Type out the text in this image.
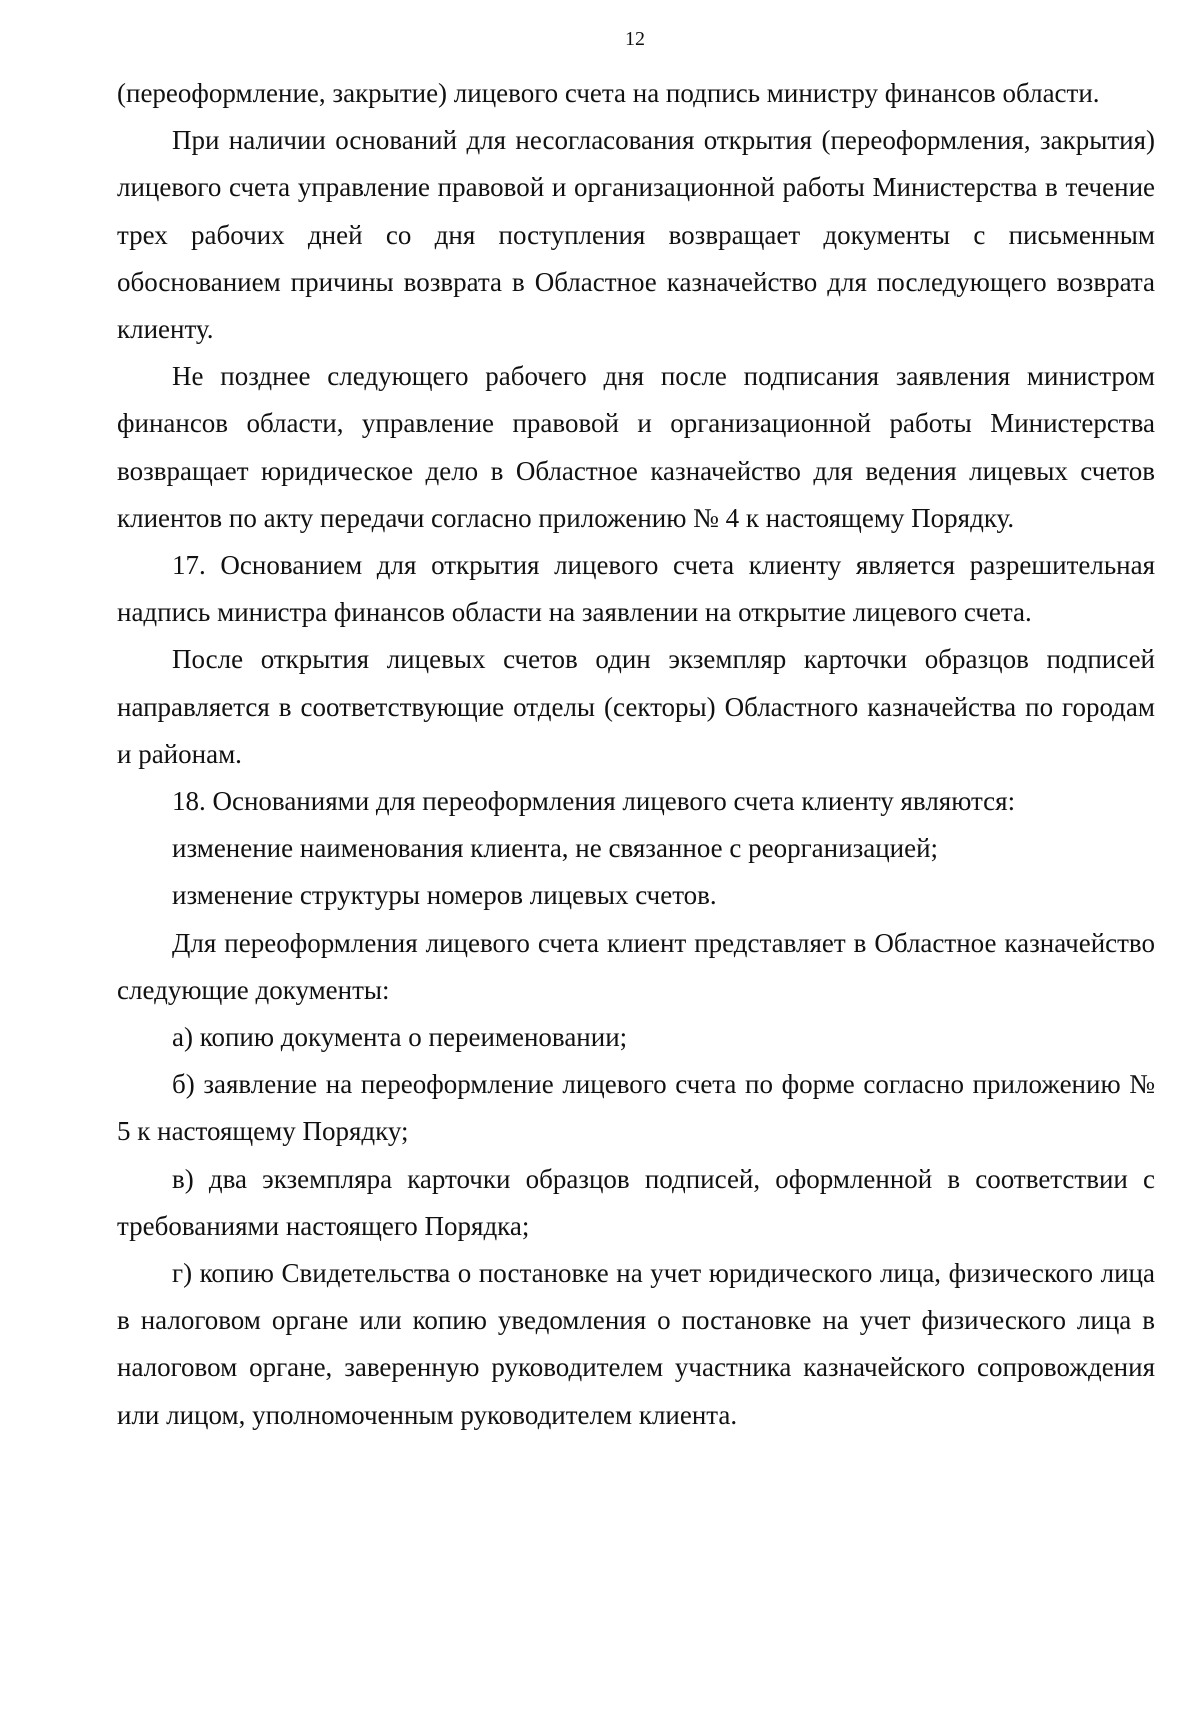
12

(переоформление, закрытие) лицевого счета на подпись министру финансов области.

При наличии оснований для несогласования открытия (переоформления, закрытия) лицевого счета управление правовой и организационной работы Министерства в течение трех рабочих дней со дня поступления возвращает документы с письменным обоснованием причины возврата в Областное казначейство для последующего возврата клиенту.

Не позднее следующего рабочего дня после подписания заявления министром финансов области, управление правовой и организационной работы Министерства возвращает юридическое дело в Областное казначейство для ведения лицевых счетов клиентов по акту передачи согласно приложению № 4 к настоящему Порядку.

17. Основанием для открытия лицевого счета клиенту является разрешительная надпись министра финансов области на заявлении на открытие лицевого счета.

После открытия лицевых счетов один экземпляр карточки образцов подписей направляется в соответствующие отделы (секторы) Областного казначейства по городам и районам.

18. Основаниями для переоформления лицевого счета клиенту являются:

изменение наименования клиента, не связанное с реорганизацией;

изменение структуры номеров лицевых счетов.

Для переоформления лицевого счета клиент представляет в Областное казначейство следующие документы:

а) копию документа о переименовании;

б) заявление на переоформление лицевого счета по форме согласно приложению № 5 к настоящему Порядку;

в) два экземпляра карточки образцов подписей, оформленной в соответствии с требованиями настоящего Порядка;

г) копию Свидетельства о постановке на учет юридического лица, физического лица в налоговом органе или копию уведомления о постановке на учет физического лица в налоговом органе, заверенную руководителем участника казначейского сопровождения или лицом, уполномоченным руководителем клиента.
